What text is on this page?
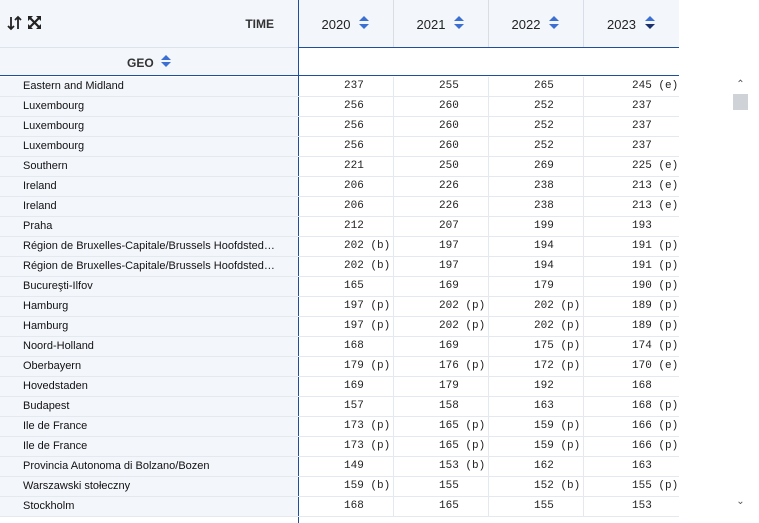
TIME
GEO
2020	2021	2022	2023
Eastern and Midland	237	255	265	245 (e)
Luxembourg	256	260	252	237
Luxembourg	256	260	252	237
Luxembourg	256	260	252	237
Southern	221	250	269	225 (e)
Ireland	206	226	238	213 (e)
Ireland	206	226	238	213 (e)
Praha	212	207	199	193
Région de Bruxelles-Capitale/Brussels Hoofdsted…	202 (b)	197	194	191 (p)
Région de Bruxelles-Capitale/Brussels Hoofdsted…	202 (b)	197	194	191 (p)
Bucureşti-Ilfov	165	169	179	190 (p)
Hamburg	197 (p)	202 (p)	202 (p)	189 (p)
Hamburg	197 (p)	202 (p)	202 (p)	189 (p)
Noord-Holland	168	169	175 (p)	174 (p)
Oberbayern	179 (p)	176 (p)	172 (p)	170 (e)
Hovedstaden	169	179	192	168
Budapest	157	158	163	168 (p)
Ile de France	173 (p)	165 (p)	159 (p)	166 (p)
Ile de France	173 (p)	165 (p)	159 (p)	166 (p)
Provincia Autonoma di Bolzano/Bozen	149	153 (b)	162	163
Warszawski stołeczny	159 (b)	155	152 (b)	155 (p)
Stockholm	168	165	155	153
⌃
⌄
